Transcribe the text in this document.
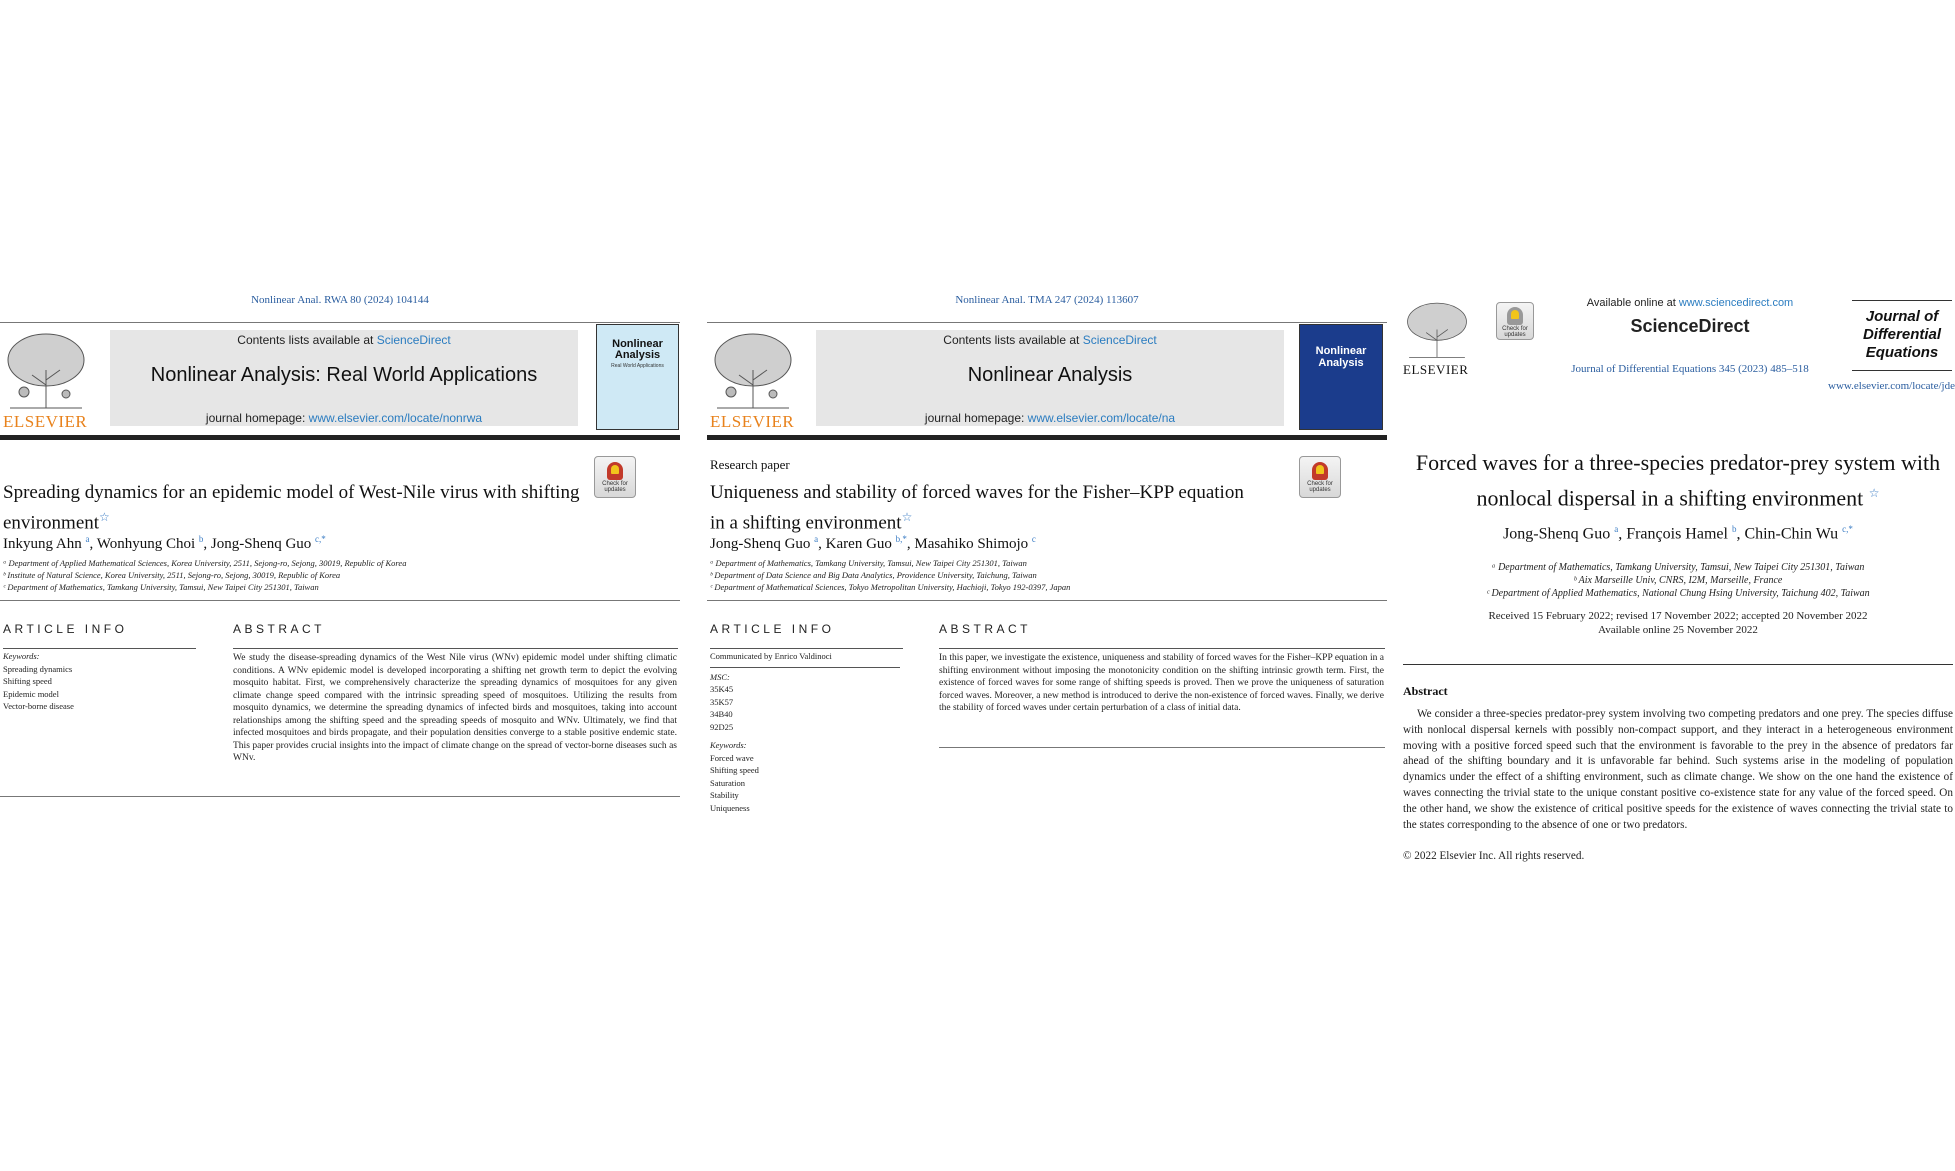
Nonlinear Anal. RWA 80 (2024) 104144
ELSEVIER
Contents lists available at ScienceDirect
Nonlinear Analysis: Real World Applications
journal homepage: www.elsevier.com/locate/nonrwa
Nonlinear Analysis
Real World Applications
Check for updates
Spreading dynamics for an epidemic model of West-Nile virus with shifting environment☆
Inkyung Ahn $^a$, Wonhyung Choi $^b$, Jong-Shenq Guo $^{c,*}$
ᵃ Department of Applied Mathematical Sciences, Korea University, 2511, Sejong-ro, Sejong, 30019, Republic of Korea
ᵇ Institute of Natural Science, Korea University, 2511, Sejong-ro, Sejong, 30019, Republic of Korea
ᶜ Department of Mathematics, Tamkang University, Tamsui, New Taipei City 251301, Taiwan
ARTICLE INFO	ABSTRACT
Keywords:
Spreading dynamics
Shifting speed
Epidemic model
Vector-borne disease
We study the disease-spreading dynamics of the West Nile virus (WNv) epidemic model under shifting climatic conditions. A WNv epidemic model is developed incorporating a shifting net growth term to depict the evolving mosquito habitat. First, we comprehensively characterize the spreading dynamics of mosquitoes for any given climate change speed compared with the intrinsic spreading speed of mosquitoes. Utilizing the results from mosquito dynamics, we determine the spreading dynamics of infected birds and mosquitoes, taking into account relationships among the shifting speed and the spreading speeds of mosquito and WNv. Ultimately, we find that infected mosquitoes and birds propagate, and their population densities converge to a stable positive endemic state. This paper provides crucial insights into the impact of climate change on the spread of vector-borne diseases such as WNv.
Nonlinear Anal. TMA 247 (2024) 113607
ELSEVIER
Contents lists available at ScienceDirect
Nonlinear Analysis
journal homepage: www.elsevier.com/locate/na
Nonlinear Analysis
Research paper
Check for updates
Uniqueness and stability of forced waves for the Fisher–KPP equation in a shifting environment☆
Jong-Shenq Guo $^a$, Karen Guo $^{b,*}$, Masahiko Shimojo $^c$
ᵃ Department of Mathematics, Tamkang University, Tamsui, New Taipei City 251301, Taiwan
ᵇ Department of Data Science and Big Data Analytics, Providence University, Taichung, Taiwan
ᶜ Department of Mathematical Sciences, Tokyo Metropolitan University, Hachioji, Tokyo 192-0397, Japan
ARTICLE INFO	ABSTRACT
Communicated by Enrico Valdinoci
MSC:
35K45
35K57
34B40
92D25
Keywords:
Forced wave
Shifting speed
Saturation
Stability
Uniqueness
In this paper, we investigate the existence, uniqueness and stability of forced waves for the Fisher–KPP equation in a shifting environment without imposing the monotonicity condition on the shifting intrinsic growth term. First, the existence of forced waves for some range of shifting speeds is proved. Then we prove the uniqueness of saturation forced waves. Moreover, a new method is introduced to derive the non-existence of forced waves. Finally, we derive the stability of forced waves under certain perturbation of a class of initial data.
ELSEVIER
Check for updates
Available online at www.sciencedirect.com
ScienceDirect
Journal of Differential Equations 345 (2023) 485–518
Journal of
Differential
Equations
www.elsevier.com/locate/jde
Forced waves for a three-species predator-prey system with nonlocal dispersal in a shifting environment ☆
Jong-Shenq Guo $^a$, François Hamel $^b$, Chin-Chin Wu $^{c,*}$
ᵃ Department of Mathematics, Tamkang University, Tamsui, New Taipei City 251301, Taiwan
ᵇ Aix Marseille Univ, CNRS, I2M, Marseille, France
ᶜ Department of Applied Mathematics, National Chung Hsing University, Taichung 402, Taiwan
Received 15 February 2022; revised 17 November 2022; accepted 20 November 2022
Available online 25 November 2022
Abstract
We consider a three-species predator-prey system involving two competing predators and one prey. The species diffuse with nonlocal dispersal kernels with possibly non-compact support, and they interact in a heterogeneous environment moving with a positive forced speed such that the environment is favorable to the prey in the absence of predators far ahead of the shifting boundary and it is unfavorable far behind. Such systems arise in the modeling of population dynamics under the effect of a shifting environment, such as climate change. We show on the one hand the existence of waves connecting the trivial state to the unique constant positive co-existence state for any value of the forced speed. On the other hand, we show the existence of critical positive speeds for the existence of waves connecting the trivial state to the states corresponding to the absence of one or two predators.
© 2022 Elsevier Inc. All rights reserved.
